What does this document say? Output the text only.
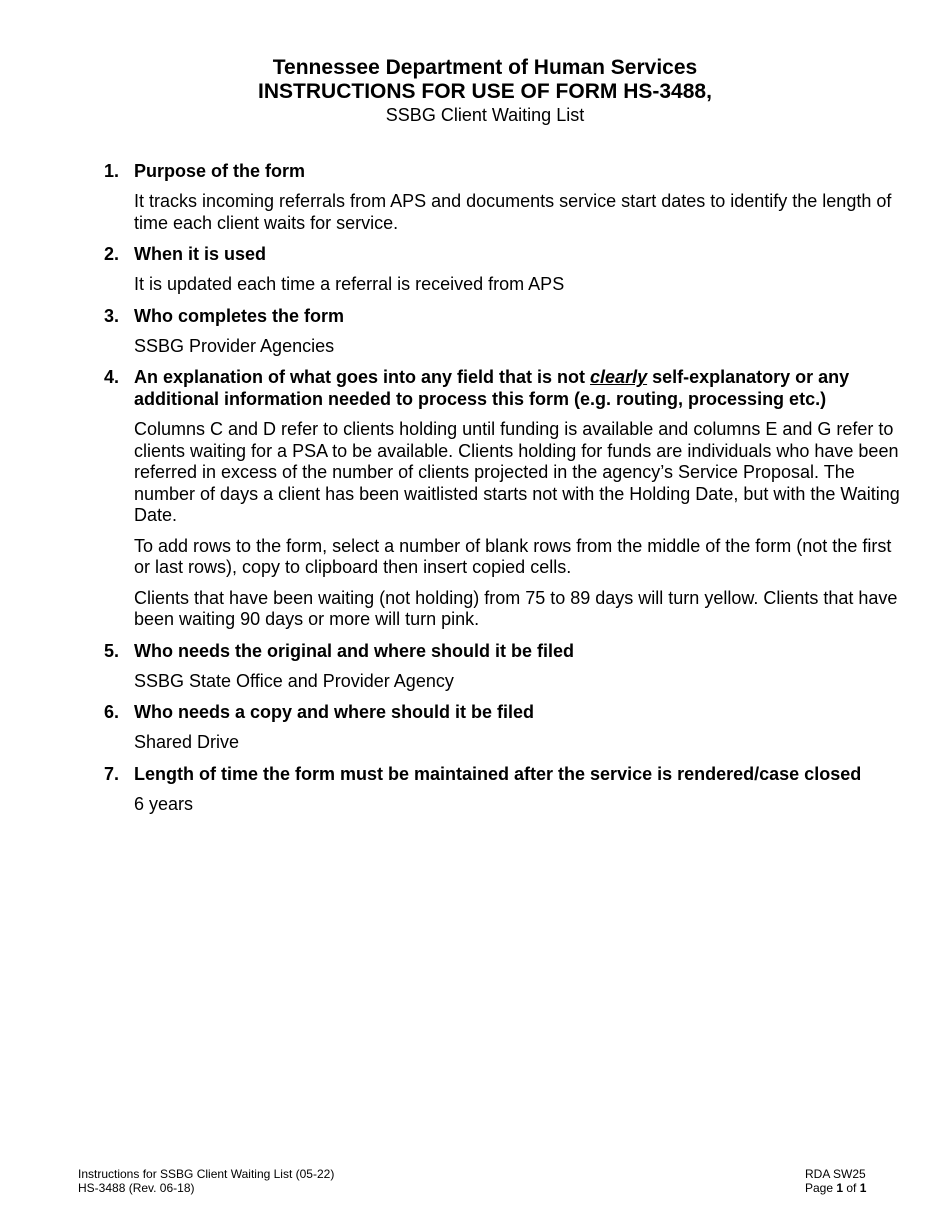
Tennessee Department of Human Services
INSTRUCTIONS FOR USE OF FORM HS-3488,
SSBG Client Waiting List
1. Purpose of the form

It tracks incoming referrals from APS and documents service start dates to identify the length of time each client waits for service.

2. When it is used

It is updated each time a referral is received from APS

3. Who completes the form

SSBG Provider Agencies

4. An explanation of what goes into any field that is not clearly self-explanatory or any additional information needed to process this form (e.g. routing, processing etc.)

Columns C and D refer to clients holding until funding is available and columns E and G refer to clients waiting for a PSA to be available. Clients holding for funds are individuals who have been referred in excess of the number of clients projected in the agency’s Service Proposal. The number of days a client has been waitlisted starts not with the Holding Date, but with the Waiting Date.

To add rows to the form, select a number of blank rows from the middle of the form (not the first or last rows), copy to clipboard then insert copied cells.

Clients that have been waiting (not holding) from 75 to 89 days will turn yellow. Clients that have been waiting 90 days or more will turn pink.

5. Who needs the original and where should it be filed

SSBG State Office and Provider Agency

6. Who needs a copy and where should it be filed

Shared Drive

7. Length of time the form must be maintained after the service is rendered/case closed

6 years

Instructions for SSBG Client Waiting List (05-22)
HS-3488 (Rev. 06-18)
RDA SW25
Page 1 of 1
